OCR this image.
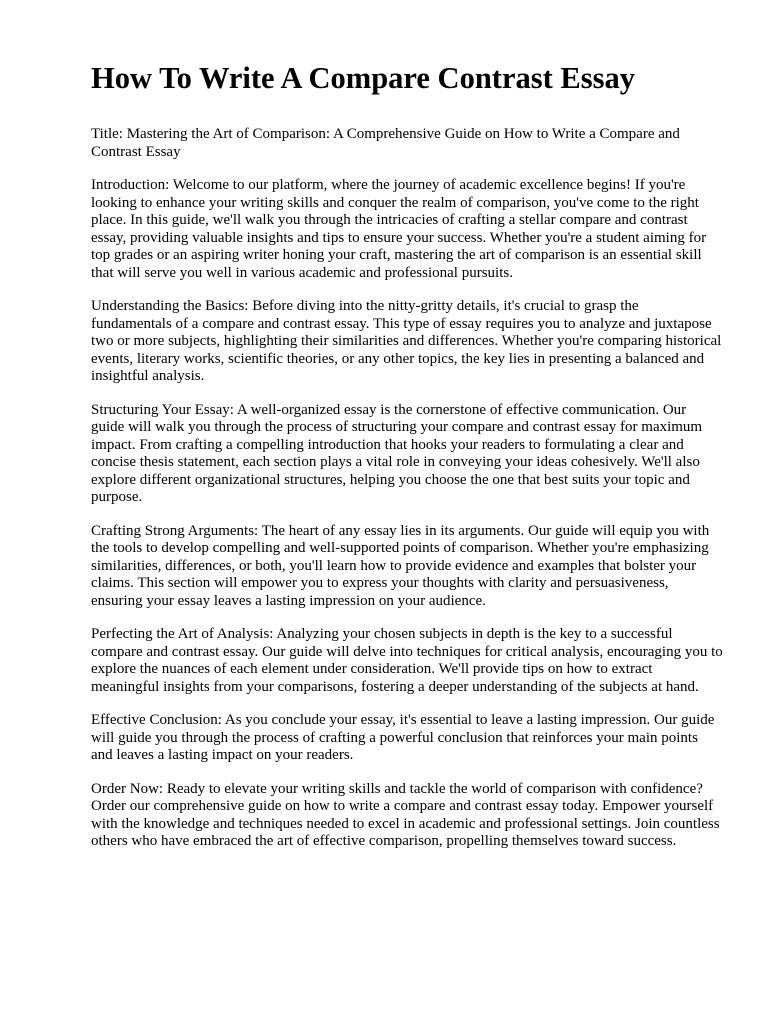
How To Write A Compare Contrast Essay

Title: Mastering the Art of Comparison: A Comprehensive Guide on How to Write a Compare and Contrast Essay

Introduction: Welcome to our platform, where the journey of academic excellence begins! If you're looking to enhance your writing skills and conquer the realm of comparison, you've come to the right place. In this guide, we'll walk you through the intricacies of crafting a stellar compare and contrast essay, providing valuable insights and tips to ensure your success. Whether you're a student aiming for top grades or an aspiring writer honing your craft, mastering the art of comparison is an essential skill that will serve you well in various academic and professional pursuits.

Understanding the Basics: Before diving into the nitty-gritty details, it's crucial to grasp the fundamentals of a compare and contrast essay. This type of essay requires you to analyze and juxtapose two or more subjects, highlighting their similarities and differences. Whether you're comparing historical events, literary works, scientific theories, or any other topics, the key lies in presenting a balanced and insightful analysis.

Structuring Your Essay: A well-organized essay is the cornerstone of effective communication. Our guide will walk you through the process of structuring your compare and contrast essay for maximum impact. From crafting a compelling introduction that hooks your readers to formulating a clear and concise thesis statement, each section plays a vital role in conveying your ideas cohesively. We'll also explore different organizational structures, helping you choose the one that best suits your topic and purpose.

Crafting Strong Arguments: The heart of any essay lies in its arguments. Our guide will equip you with the tools to develop compelling and well-supported points of comparison. Whether you're emphasizing similarities, differences, or both, you'll learn how to provide evidence and examples that bolster your claims. This section will empower you to express your thoughts with clarity and persuasiveness, ensuring your essay leaves a lasting impression on your audience.

Perfecting the Art of Analysis: Analyzing your chosen subjects in depth is the key to a successful compare and contrast essay. Our guide will delve into techniques for critical analysis, encouraging you to explore the nuances of each element under consideration. We'll provide tips on how to extract meaningful insights from your comparisons, fostering a deeper understanding of the subjects at hand.

Effective Conclusion: As you conclude your essay, it's essential to leave a lasting impression. Our guide will guide you through the process of crafting a powerful conclusion that reinforces your main points and leaves a lasting impact on your readers.

Order Now: Ready to elevate your writing skills and tackle the world of comparison with confidence? Order our comprehensive guide on how to write a compare and contrast essay today. Empower yourself with the knowledge and techniques needed to excel in academic and professional settings. Join countless others who have embraced the art of effective comparison, propelling themselves toward success.
